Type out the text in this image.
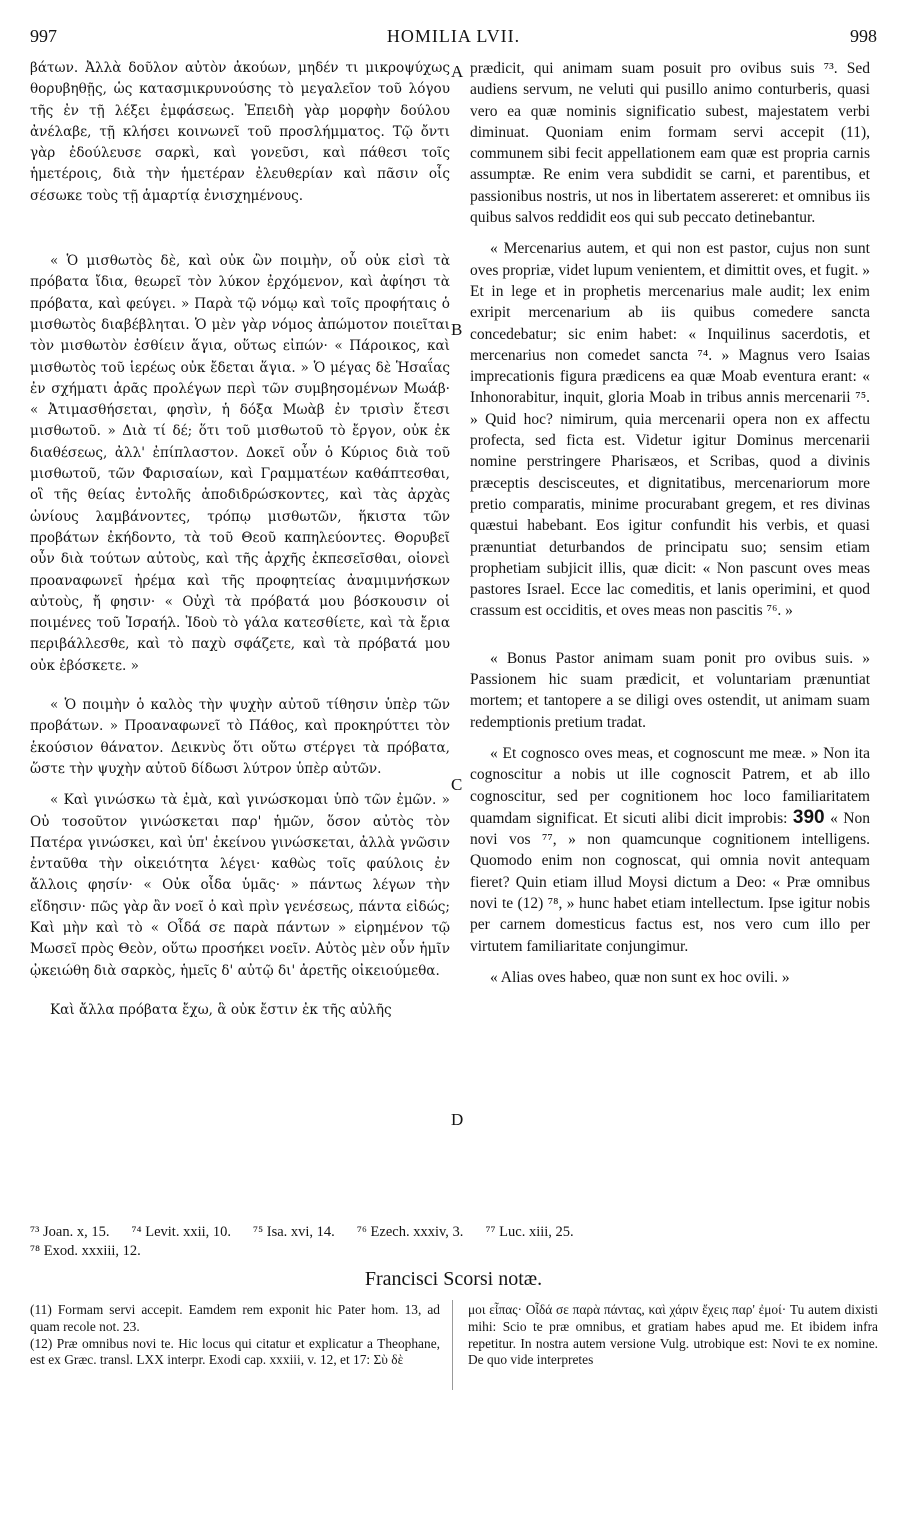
997	HOMILIA LVII.	998
A
B
C
D

βάτων. Ἀλλὰ δοῦλον αὐτὸν ἀκούων, μηδέν τι μικροψύχως θορυβηθῇς, ὡς κατασμικρυνούσης τὸ μεγαλεῖον τοῦ λόγου τῆς ἐν τῇ λέξει ἐμφάσεως. Ἐπειδὴ γὰρ μορφὴν δούλου ἀνέλαβε, τῇ κλήσει κοινωνεῖ τοῦ προσλήμματος. Τῷ ὄντι γὰρ ἐδούλευσε σαρκὶ, καὶ γονεῦσι, καὶ πάθεσι τοῖς ἡμετέροις, διὰ τὴν ἡμετέραν ἐλευθερίαν καὶ πᾶσιν οἷς σέσωκε τοὺς τῇ ἁμαρτίᾳ ἐνισχημένους.

« Ὁ μισθωτὸς δὲ, καὶ οὐκ ὢν ποιμὴν, οὗ οὐκ εἰσὶ τὰ πρόβατα ἴδια, θεωρεῖ τὸν λύκον ἐρχόμενον, καὶ ἀφίησι τὰ πρόβατα, καὶ φεύγει. » Παρὰ τῷ νόμῳ καὶ τοῖς προφήταις ὁ μισθωτὸς διαβέβληται. Ὁ μὲν γὰρ νόμος ἀπώμοτον ποιεῖται τὸν μισθωτὸν ἐσθίειν ἅγια, οὕτως εἰπών· « Πάροικος, καὶ μισθωτὸς τοῦ ἱερέως οὐκ ἔδεται ἅγια. » Ὁ μέγας δὲ Ἡσαΐας ἐν σχήματι ἀρᾶς προλέγων περὶ τῶν συμβησομένων Μωάβ· « Ἀτιμασθήσεται, φησὶν, ἡ δόξα Μωὰβ ἐν τρισὶν ἔτεσι μισθωτοῦ. » Διὰ τί δέ; ὅτι τοῦ μισθωτοῦ τὸ ἔργον, οὐκ ἐκ διαθέσεως, ἀλλ' ἐπίπλαστον. Δοκεῖ οὖν ὁ Κύριος διὰ τοῦ μισθωτοῦ, τῶν Φαρισαίων, καὶ Γραμματέων καθάπτεσθαι, οἳ τῆς θείας ἐντολῆς ἀποδιδρώσκοντες, καὶ τὰς ἀρχὰς ὠνίους λαμβάνοντες, τρόπῳ μισθωτῶν, ἥκιστα τῶν προβάτων ἐκήδοντο, τὰ τοῦ Θεοῦ καπηλεύοντες. Θορυβεῖ οὖν διὰ τούτων αὐτοὺς, καὶ τῆς ἀρχῆς ἐκπεσεῖσθαι, οἱονεὶ προαναφωνεῖ ἠρέμα καὶ τῆς προφητείας ἀναμιμνήσκων αὐτοὺς, ἤ φησιν· « Οὐχὶ τὰ πρόβατά μου βόσκουσιν οἱ ποιμένες τοῦ Ἰσραήλ. Ἰδοὺ τὸ γάλα κατεσθίετε, καὶ τὰ ἔρια περιβάλλεσθε, καὶ τὸ παχὺ σφάζετε, καὶ τὰ πρόβατά μου οὐκ ἐβόσκετε. »

« Ὁ ποιμὴν ὁ καλὸς τὴν ψυχὴν αὐτοῦ τίθησιν ὑπὲρ τῶν προβάτων. » Προαναφωνεῖ τὸ Πάθος, καὶ προκηρύττει τὸν ἑκούσιον θάνατον. Δεικνὺς ὅτι οὕτω στέργει τὰ πρόβατα, ὥστε τὴν ψυχὴν αὐτοῦ δίδωσι λύτρον ὑπὲρ αὐτῶν.

« Καὶ γινώσκω τὰ ἐμὰ, καὶ γινώσκομαι ὑπὸ τῶν ἐμῶν. » Οὐ τοσοῦτον γινώσκεται παρ' ἡμῶν, ὅσον αὐτὸς τὸν Πατέρα γινώσκει, καὶ ὑπ' ἐκείνου γινώσκεται, ἀλλὰ γνῶσιν ἐνταῦθα τὴν οἰκειότητα λέγει· καθὼς τοῖς φαύλοις ἐν ἄλλοις φησίν· « Οὐκ οἶδα ὑμᾶς· » πάντως λέγων τὴν εἴδησιν· πῶς γὰρ ἂν νοεῖ ὁ καὶ πρὶν γενέσεως, πάντα εἰδώς; Καὶ μὴν καὶ τὸ « Οἶδά σε παρὰ πάντων » εἰρημένον τῷ Μωσεῖ πρὸς Θεὸν, οὕτω προσήκει νοεῖν. Αὐτὸς μὲν οὖν ἡμῖν ᾠκειώθη διὰ σαρκὸς, ἡμεῖς δ' αὐτῷ δι' ἀρετῆς οἰκειούμεθα.

Καὶ ἄλλα πρόβατα ἔχω, ἃ οὐκ ἔστιν ἐκ τῆς αὐλῆς

prædicit, qui animam suam posuit pro ovibus suis ⁷³. Sed audiens servum, ne veluti qui pusillo animo conturberis, quasi vero ea quæ nominis significatio subest, majestatem verbi diminuat. Quoniam enim formam servi accepit (11), communem sibi fecit appellationem eam quæ est propria carnis assumptæ. Re enim vera subdidit se carni, et parentibus, et passionibus nostris, ut nos in libertatem assereret: et omnibus iis quibus salvos reddidit eos qui sub peccato detinebantur.

« Mercenarius autem, et qui non est pastor, cujus non sunt oves propriæ, videt lupum venientem, et dimittit oves, et fugit. » Et in lege et in prophetis mercenarius male audit; lex enim exripit mercenarium ab iis quibus comedere sancta concedebatur; sic enim habet: « Inquilinus sacerdotis, et mercenarius non comedet sancta ⁷⁴. » Magnus vero Isaias imprecationis figura prædicens ea quæ Moab eventura erant: « Inhonorabitur, inquit, gloria Moab in tribus annis mercenarii ⁷⁵. » Quid hoc? nimirum, quia mercenarii opera non ex affectu profecta, sed ficta est. Videtur igitur Dominus mercenarii nomine perstringere Pharisæos, et Scribas, quod a divinis præceptis descisceutes, et dignitatibus, mercenariorum more pretio comparatis, minime procurabant gregem, et res divinas quæstui habebant. Eos igitur confundit his verbis, et quasi prænuntiat deturbandos de principatu suo; sensim etiam prophetiam subjicit illis, quæ dicit: « Non pascunt oves meas pastores Israel. Ecce lac comeditis, et lanis operimini, et quod crassum est occiditis, et oves meas non pascitis ⁷⁶. »

« Bonus Pastor animam suam ponit pro ovibus suis. » Passionem hic suam prædicit, et voluntariam prænuntiat mortem; et tantopere a se diligi oves ostendit, ut animam suam redemptionis pretium tradat.

« Et cognosco oves meas, et cognoscunt me meæ. » Non ita cognoscitur a nobis ut ille cognoscit Patrem, et ab illo cognoscitur, sed per cognitionem hoc loco familiaritatem quamdam significat. Et sicuti alibi dicit improbis: 390 « Non novi vos ⁷⁷, » non quamcunque cognitionem intelligens. Quomodo enim non cognoscat, qui omnia novit antequam fieret? Quin etiam illud Moysi dictum a Deo: « Præ omnibus novi te (12) ⁷⁸, » hunc habet etiam intellectum. Ipse igitur nobis per carnem domesticus factus est, nos vero cum illo per virtutem familiaritate conjungimur.

« Alias oves habeo, quæ non sunt ex hoc ovili. »

⁷³ Joan. x, 15. ⁷⁴ Levit. xxii, 10. ⁷⁵ Isa. xvi, 14. ⁷⁶ Ezech. xxxiv, 3. ⁷⁷ Luc. xiii, 25.
⁷⁸ Exod. xxxiii, 12.
Francisci Scorsi notæ.

(11) Formam servi accepit. Eamdem rem exponit hic Pater hom. 13, ad quam recole not. 23.

(12) Præ omnibus novi te. Hic locus qui citatur et explicatur a Theophane, est ex Græc. transl. LXX interpr. Exodi cap. xxxiii, v. 12, et 17: Σὺ δὲ

μοι εἶπας· Οἶδά σε παρὰ πάντας, καὶ χάριν ἔχεις παρ' ἐμοί· Tu autem dixisti mihi: Scio te præ omnibus, et gratiam habes apud me. Et ibidem infra repetitur. In nostra autem versione Vulg. utrobique est: Novi te ex nomine. De quo vide interpretes
